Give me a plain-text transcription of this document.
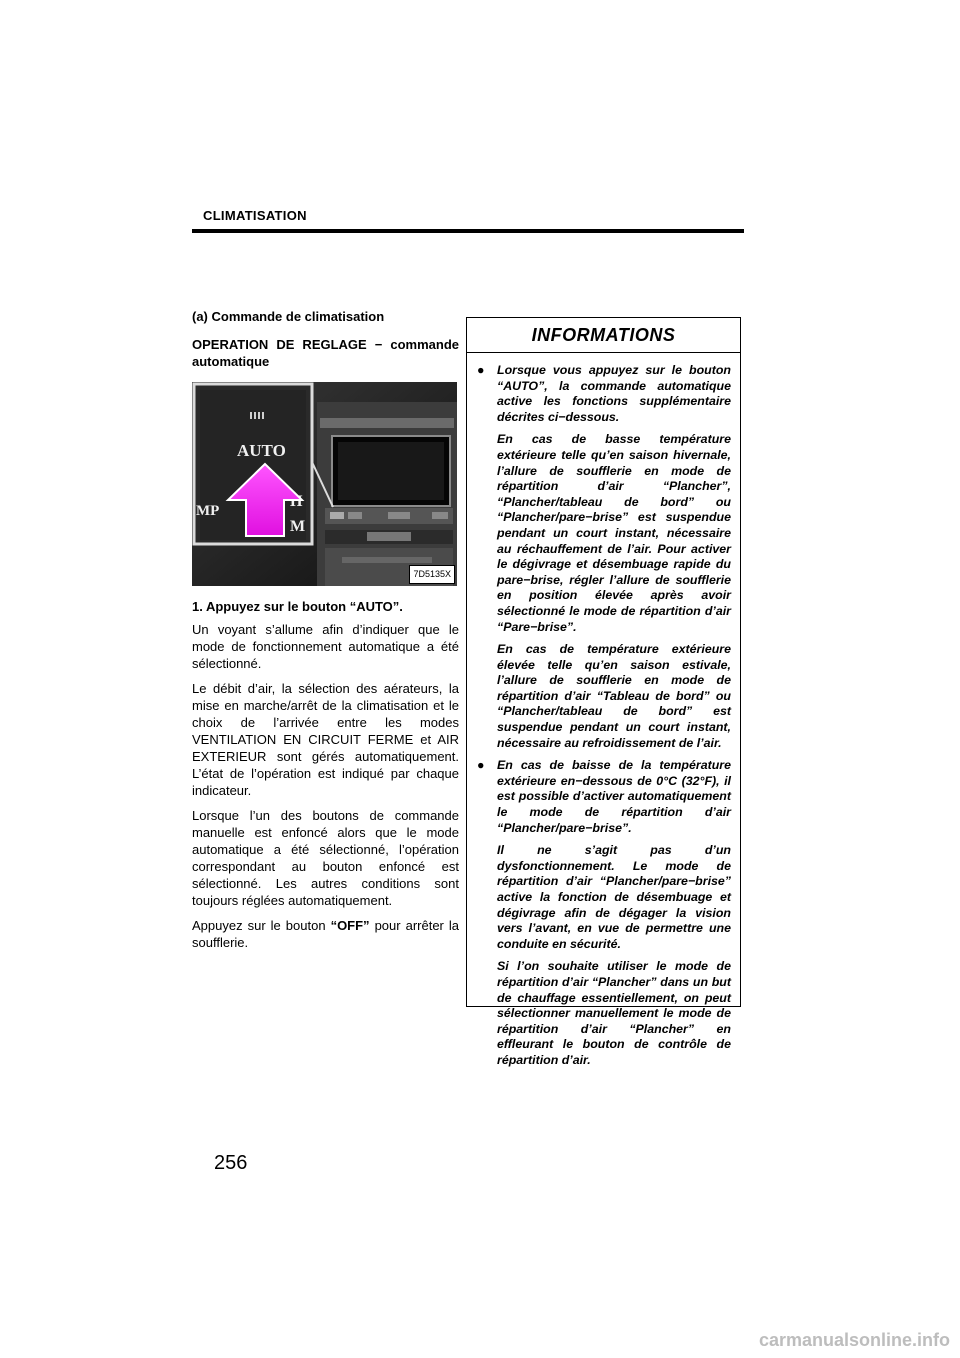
CLIMATISATION
(a) Commande de climatisation
OPERATION DE REGLAGE − commande automatique
AUTO
MP
H
M
7D5135X
1. Appuyez sur le bouton “AUTO”.

Un voyant s’allume afin d’indiquer que le mode de fonctionnement automatique a été sélectionné.

Le débit d’air, la sélection des aérateurs, la mise en marche/arrêt de la climatisation et le choix de l’arrivée entre les modes VENTILATION EN CIRCUIT FERME et AIR EXTERIEUR sont gérés automatiquement. L’état de l’opération est indiqué par chaque indicateur.

Lorsque l’un des boutons de commande manuelle est enfoncé alors que le mode automatique a été sélectionné, l’opération correspondant au bouton enfoncé est sélectionné. Les autres conditions sont toujours réglées automatiquement.

Appuyez sur le bouton “OFF” pour arrêter la soufflerie.

INFORMATIONS
● Lorsque vous appuyez sur le bouton “AUTO”, la commande automatique active les fonctions supplémentaire décrites ci−dessous.
En cas de basse température extérieure telle qu’en saison hivernale, l’allure de soufflerie en mode de répartition d’air “Plancher”, “Plancher/tableau de bord” ou “Plancher/pare−brise” est suspendue pendant un court instant, nécessaire au réchauffement de l’air. Pour activer le dégivrage et désembuage rapide du pare−brise, régler l’allure de soufflerie en position élevée après avoir sélectionné le mode de répartition d’air “Pare−brise”.
En cas de température extérieure élevée telle qu’en saison estivale, l’allure de soufflerie en mode de répartition d’air “Tableau de bord” ou “Plancher/tableau de bord” est suspendue pendant un court instant, nécessaire au refroidissement de l’air.
● En cas de baisse de la température extérieure en−dessous de 0°C (32°F), il est possible d’activer automatiquement le mode de répartition d’air “Plancher/pare−brise”.
Il ne s’agit pas d’un dysfonctionnement. Le mode de répartition d’air “Plancher/pare−brise” active la fonction de désembuage et dégivrage afin de dégager la vision vers l’avant, en vue de permettre une conduite en sécurité.
Si l’on souhaite utiliser le mode de répartition d’air “Plancher” dans un but de chauffage essentiellement, on peut sélectionner manuellement le mode de répartition d’air “Plancher” en effleurant le bouton de contrôle de répartition d’air.
256
carmanualsonline.info
